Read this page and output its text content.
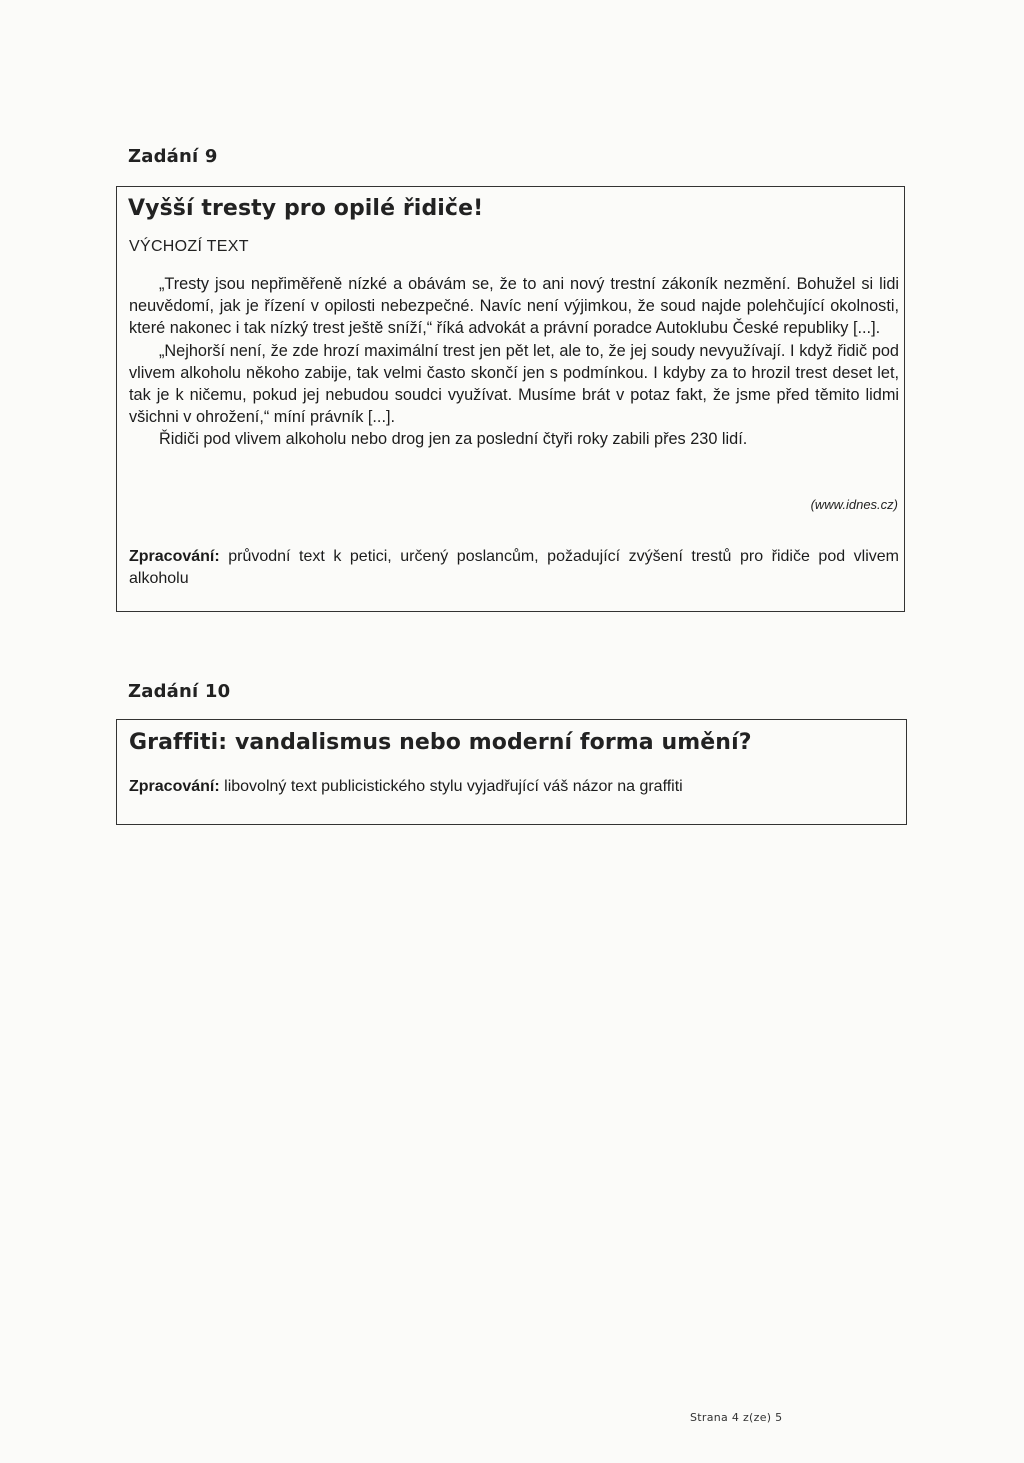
Zadání 9
Vyšší tresty pro opilé řidiče!
VÝCHOZÍ TEXT

„Tresty jsou nepřiměřeně nízké a obávám se, že to ani nový trestní zákoník nezmění. Bohužel si lidi neuvědomí, jak je řízení v opilosti nebezpečné. Navíc není výjimkou, že soud najde polehčující okolnosti, které nakonec i tak nízký trest ještě sníží,“ říká advokát a právní poradce Autoklubu České republiky [...].

„Nejhorší není, že zde hrozí maximální trest jen pět let, ale to, že jej soudy nevyužívají. I když řidič pod vlivem alkoholu někoho zabije, tak velmi často skončí jen s podmínkou. I kdyby za to hrozil trest deset let, tak je k ničemu, pokud jej nebudou soudci využívat. Musíme brát v potaz fakt, že jsme před těmito lidmi všichni v ohrožení,“ míní právník [...].

Řidiči pod vlivem alkoholu nebo drog jen za poslední čtyři roky zabili přes 230 lidí.

(www.idnes.cz)
Zpracování: průvodní text k petici, určený poslancům, požadující zvýšení trestů pro řidiče pod vlivem alkoholu
Zadání 10
Graffiti: vandalismus nebo moderní forma umění?
Zpracování: libovolný text publicistického stylu vyjadřující váš názor na graffiti
Strana 4 z(ze) 5
